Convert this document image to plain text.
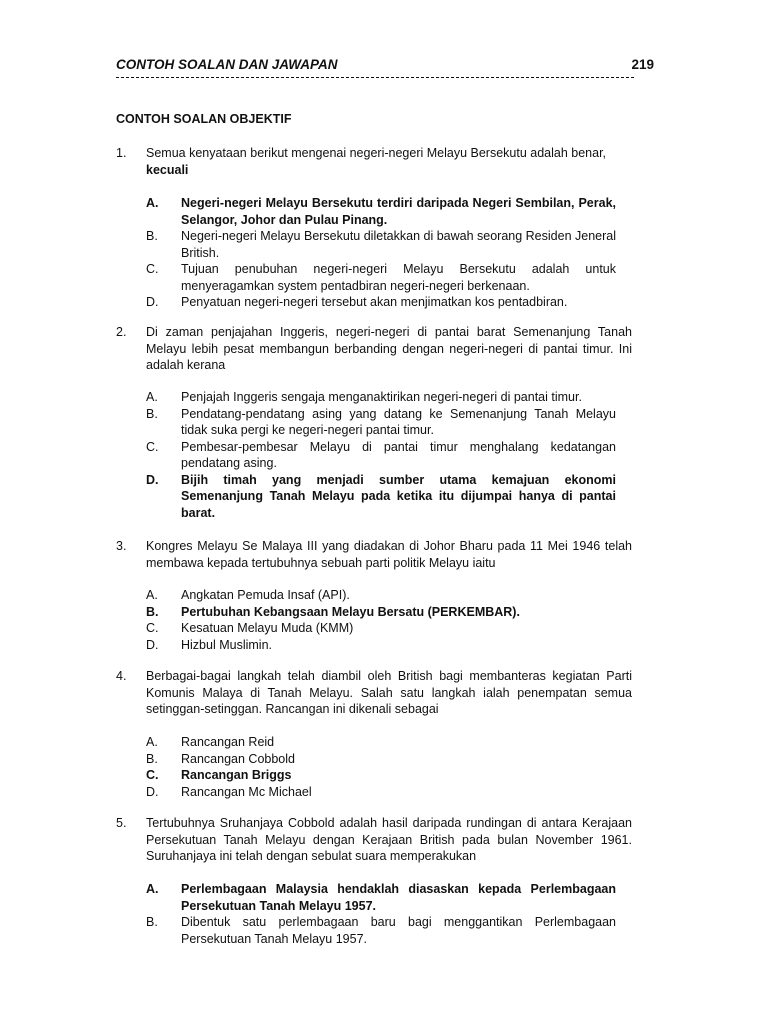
CONTOH SOALAN DAN JAWAPAN	219
CONTOH SOALAN OBJEKTIF
1. Semua kenyataan berikut mengenai negeri-negeri Melayu Bersekutu adalah benar,
kecuali
A. Negeri-negeri Melayu Bersekutu terdiri daripada Negeri Sembilan, Perak, Selangor, Johor dan Pulau Pinang.
B. Negeri-negeri Melayu Bersekutu diletakkan di bawah seorang Residen Jeneral British.
C. Tujuan penubuhan negeri-negeri Melayu Bersekutu adalah untuk menyeragamkan system pentadbiran negeri-negeri berkenaan.
D. Penyatuan negeri-negeri tersebut akan menjimatkan kos pentadbiran.
2. Di zaman penjajahan Inggeris, negeri-negeri di pantai barat Semenanjung Tanah Melayu lebih pesat membangun berbanding dengan negeri-negeri di pantai timur. Ini adalah kerana
A. Penjajah Inggeris sengaja menganaktirikan negeri-negeri di pantai timur.
B. Pendatang-pendatang asing yang datang ke Semenanjung Tanah Melayu tidak suka pergi ke negeri-negeri pantai timur.
C. Pembesar-pembesar Melayu di pantai timur menghalang kedatangan pendatang asing.
D. Bijih timah yang menjadi sumber utama kemajuan ekonomi Semenanjung Tanah Melayu pada ketika itu dijumpai hanya di pantai barat.
3. Kongres Melayu Se Malaya III yang diadakan di Johor Bharu pada 11 Mei 1946 telah membawa kepada tertubuhnya sebuah parti politik Melayu iaitu
A. Angkatan Pemuda Insaf (API).
B. Pertubuhan Kebangsaan Melayu Bersatu (PERKEMBAR).
C. Kesatuan Melayu Muda (KMM)
D. Hizbul Muslimin.
4. Berbagai-bagai langkah telah diambil oleh British bagi membanteras kegiatan Parti Komunis Malaya di Tanah Melayu. Salah satu langkah ialah penempatan semua setinggan-setinggan. Rancangan ini dikenali sebagai
A. Rancangan Reid
B. Rancangan Cobbold
C. Rancangan Briggs
D. Rancangan Mc Michael
5. Tertubuhnya Sruhanjaya Cobbold adalah hasil daripada rundingan di antara Kerajaan Persekutuan Tanah Melayu dengan Kerajaan British pada bulan November 1961. Suruhanjaya ini telah dengan sebulat suara memperakukan
A. Perlembagaan Malaysia hendaklah diasaskan kepada Perlembagaan Persekutuan Tanah Melayu 1957.
B. Dibentuk satu perlembagaan baru bagi menggantikan Perlembagaan Persekutuan Tanah Melayu 1957.
